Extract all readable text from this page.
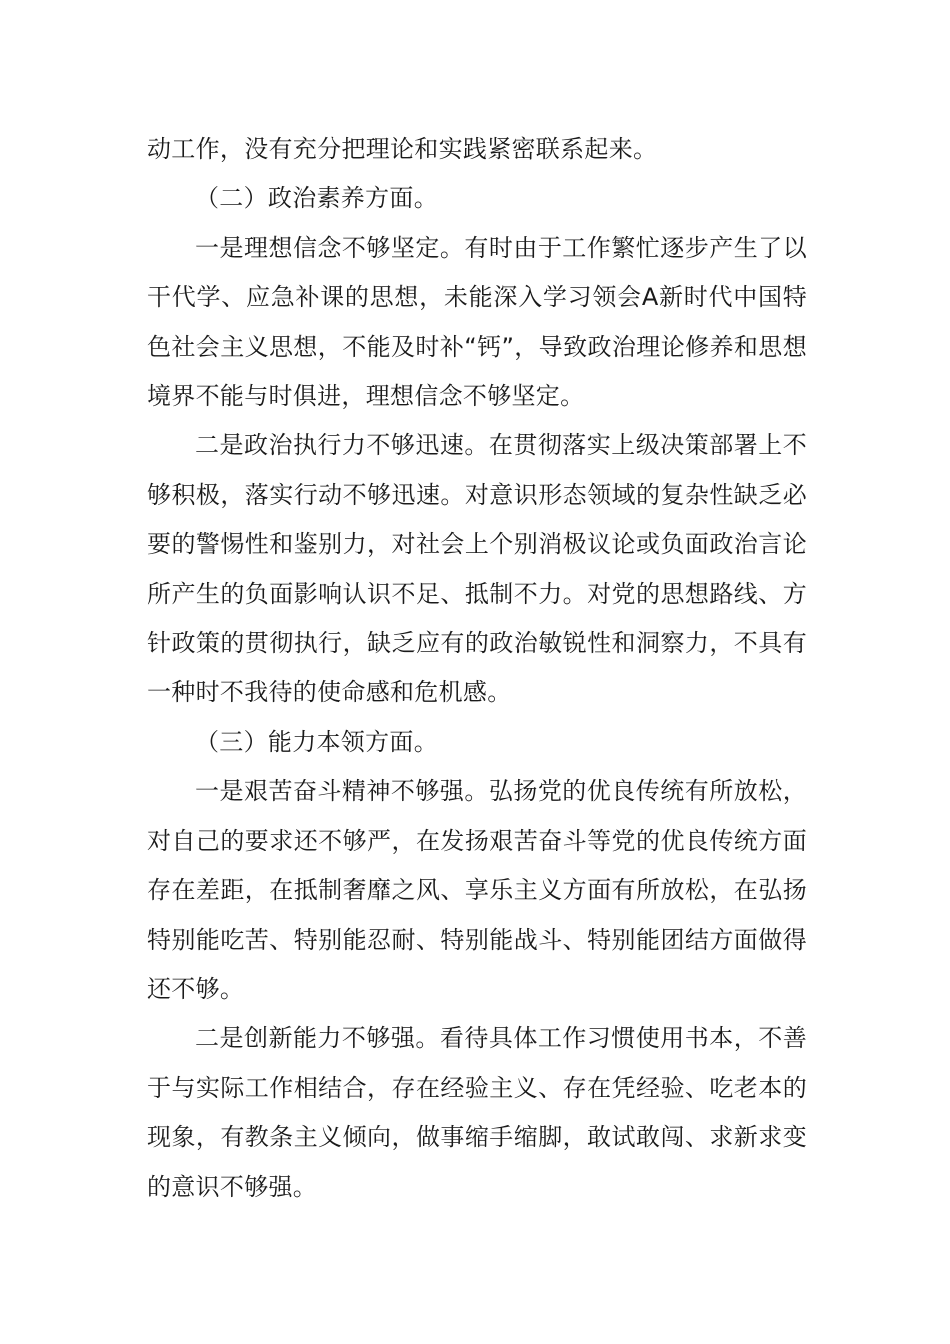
动工作，没有充分把理论和实践紧密联系起来。

（二）政治素养方面。

一是理想信念不够坚定。有时由于工作繁忙逐步产生了以干代学、应急补课的思想，未能深入学习领会A新时代中国特色社会主义思想，不能及时补“钙”，导致政治理论修养和思想境界不能与时俱进，理想信念不够坚定。

二是政治执行力不够迅速。在贯彻落实上级决策部署上不够积极，落实行动不够迅速。对意识形态领域的复杂性缺乏必要的警惕性和鉴别力，对社会上个别消极议论或负面政治言论所产生的负面影响认识不足、抵制不力。对党的思想路线、方针政策的贯彻执行，缺乏应有的政治敏锐性和洞察力，不具有一种时不我待的使命感和危机感。

（三）能力本领方面。

一是艰苦奋斗精神不够强。弘扬党的优良传统有所放松，对自己的要求还不够严，在发扬艰苦奋斗等党的优良传统方面存在差距，在抵制奢靡之风、享乐主义方面有所放松，在弘扬特别能吃苦、特别能忍耐、特别能战斗、特别能团结方面做得还不够。

二是创新能力不够强。看待具体工作习惯使用书本，不善于与实际工作相结合，存在经验主义、存在凭经验、吃老本的现象，有教条主义倾向，做事缩手缩脚，敢试敢闯、求新求变的意识不够强。
